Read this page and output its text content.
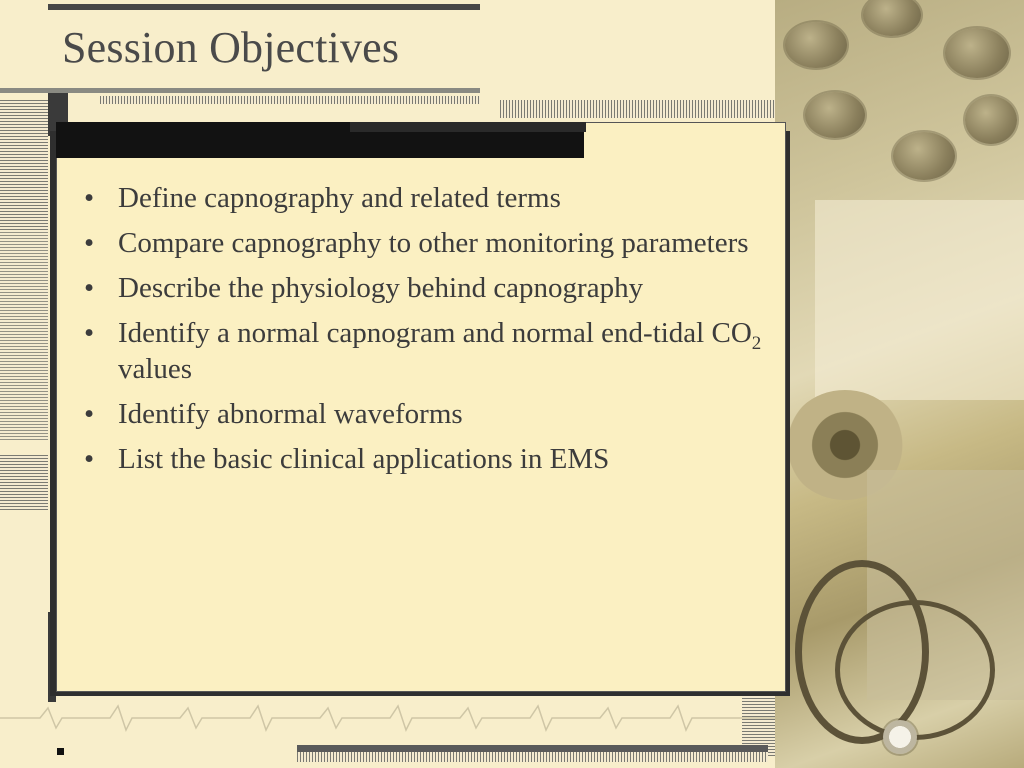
Session Objectives
• Define capnography and related terms
• Compare capnography to other monitoring parameters
• Describe the physiology behind capnography
• Identify a normal capnogram and normal end-tidal $CO_2$ values
• Identify abnormal waveforms
• List the basic clinical applications in EMS
